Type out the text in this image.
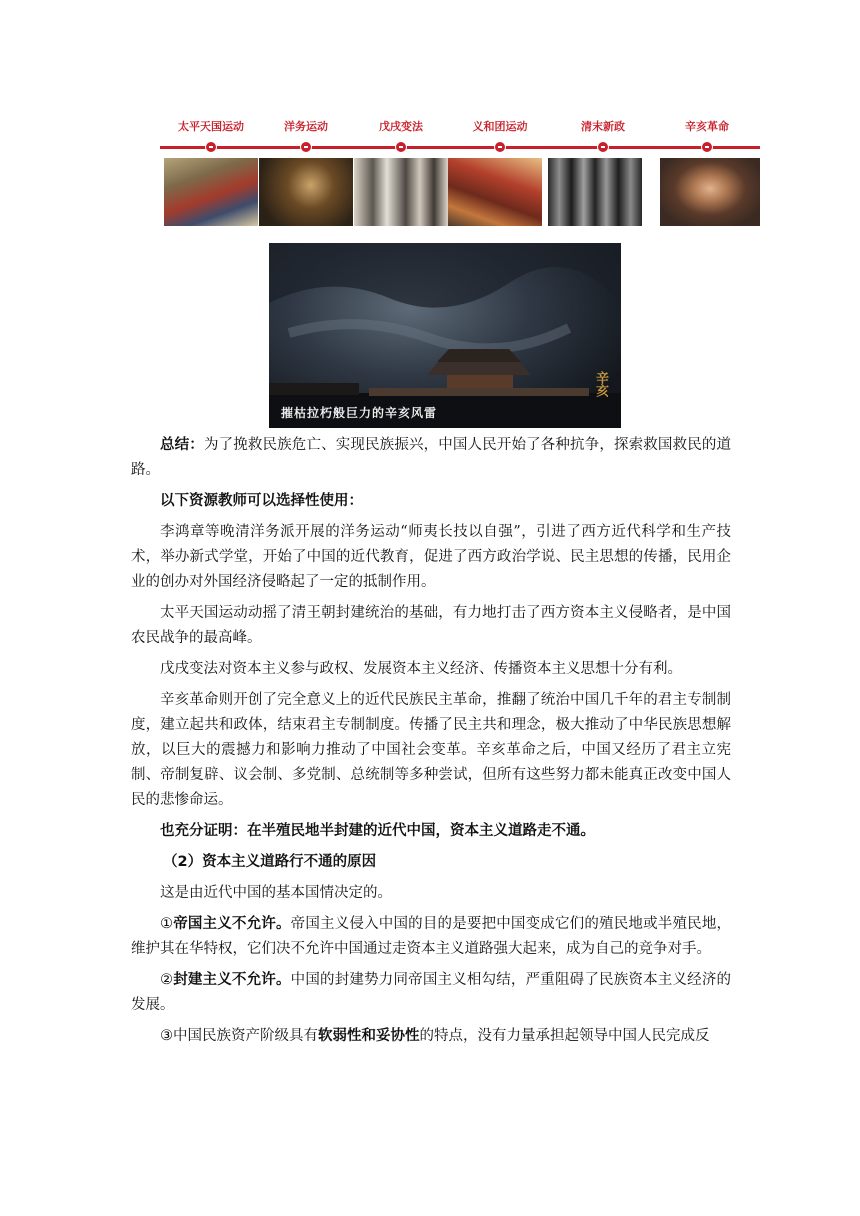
太平天国运动	洋务运动	戊戌变法	义和团运动	清末新政	辛亥革命
辛亥
摧枯拉朽般巨力的辛亥风雷

总结：为了挽救民族危亡、实现民族振兴，中国人民开始了各种抗争，探索救国救民的道路。

以下资源教师可以选择性使用：

李鸿章等晚清洋务派开展的洋务运动“师夷长技以自强”，引进了西方近代科学和生产技术，举办新式学堂，开始了中国的近代教育，促进了西方政治学说、民主思想的传播，民用企业的创办对外国经济侵略起了一定的抵制作用。

太平天国运动动摇了清王朝封建统治的基础，有力地打击了西方资本主义侵略者，是中国农民战争的最高峰。

戊戌变法对资本主义参与政权、发展资本主义经济、传播资本主义思想十分有利。

辛亥革命则开创了完全意义上的近代民族民主革命，推翻了统治中国几千年的君主专制制度，建立起共和政体，结束君主专制制度。传播了民主共和理念，极大推动了中华民族思想解放，以巨大的震撼力和影响力推动了中国社会变革。辛亥革命之后，中国又经历了君主立宪制、帝制复辟、议会制、多党制、总统制等多种尝试，但所有这些努力都未能真正改变中国人民的悲惨命运。

也充分证明：在半殖民地半封建的近代中国，资本主义道路走不通。

（2）资本主义道路行不通的原因

这是由近代中国的基本国情决定的。

①帝国主义不允许。帝国主义侵入中国的目的是要把中国变成它们的殖民地或半殖民地，维护其在华特权，它们决不允许中国通过走资本主义道路强大起来，成为自己的竞争对手。

②封建主义不允许。中国的封建势力同帝国主义相勾结，严重阻碍了民族资本主义经济的发展。

③中国民族资产阶级具有软弱性和妥协性的特点，没有力量承担起领导中国人民完成反
